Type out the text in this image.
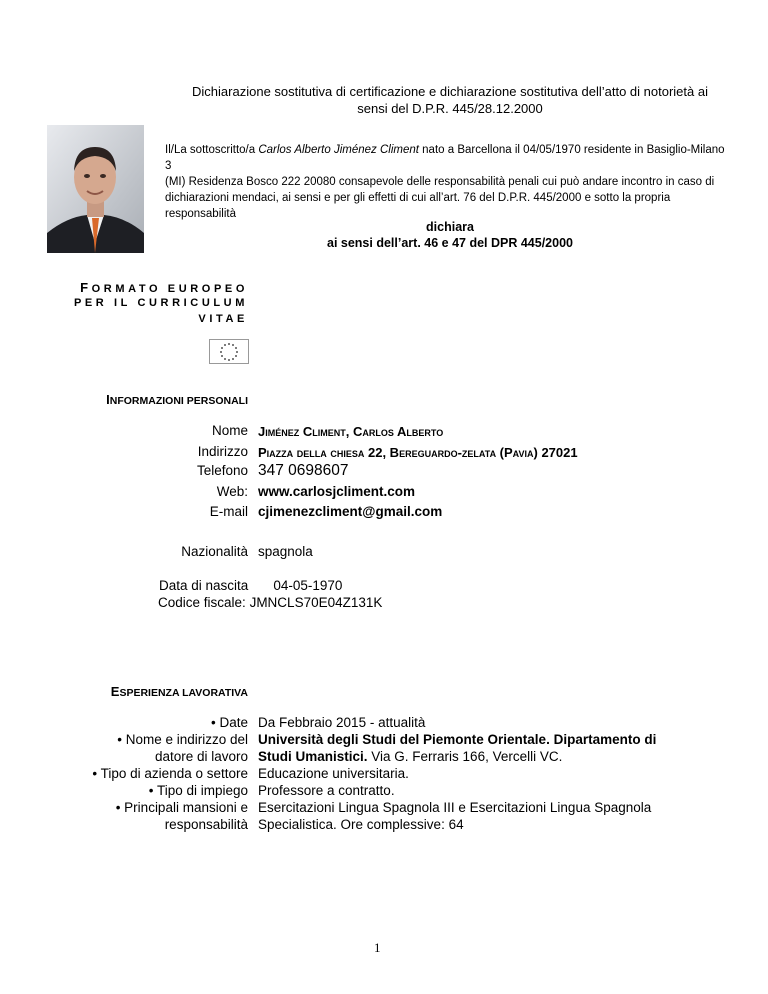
Dichiarazione sostitutiva di certificazione e dichiarazione sostitutiva dell’atto di notorietà ai
sensi del D.P.R. 445/28.12.2000
Il/La sottoscritto/a Carlos Alberto Jiménez Climent nato a Barcellona il 04/05/1970 residente in Basiglio-Milano 3
(MI) Residenza Bosco 222 20080 consapevole delle responsabilità penali cui può andare incontro in caso di
dichiarazioni mendaci, ai sensi e per gli effetti di cui all’art. 76 del D.P.R. 445/2000 e sotto la propria
responsabilità
dichiara
ai sensi dell’art. 46 e 47 del DPR 445/2000
FORMATO EUROPEO
PER IL CURRICULUM
VITAE
INFORMAZIONI PERSONALI
Nome Jiménez Climent, Carlos Alberto
Indirizzo Piazza della chiesa 22, Bereguardo-zelata (Pavia) 27021
Telefono 347 0698607
Web: www.carlosjcliment.com
E-mail cjimenezcliment@gmail.com
Nazionalità spagnola
Data di nascita 04-05-1970
Codice fiscale: JMNCLS70E04Z131K
ESPERIENZA LAVORATIVA
• Date
• Nome e indirizzo del
datore di lavoro
• Tipo di azienda o settore
• Tipo di impiego
• Principali mansioni e
responsabilità
Da Febbraio 2015 - attualità
Università degli Studi del Piemonte Orientale. Dipartamento di
Studi Umanistici. Via G. Ferraris 166, Vercelli VC.
Educazione universitaria.
Professore a contratto.
Esercitazioni Lingua Spagnola III e Esercitazioni Lingua Spagnola
Specialistica. Ore complessive: 64
1
